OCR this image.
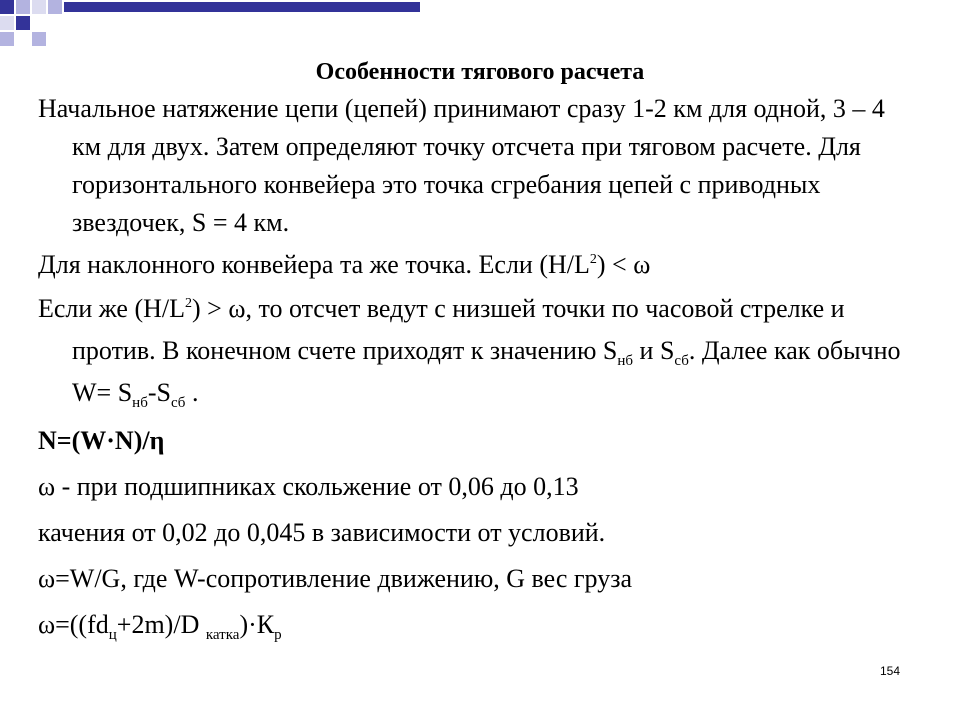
Особенности тягового расчета

Начальное натяжение цепи (цепей) принимают сразу 1-2 км для одной, 3 – 4 км для двух. Затем определяют точку отсчета при тяговом расчете. Для горизонтального конвейера это точка сгребания цепей с приводных звездочек, S = 4 км.

Для наклонного конвейера та же точка. Если $(H/L^2) < \omega$

Если же $(H/L^2) > \omega$, то отсчет ведут с низшей точки по часовой стрелке и против. В конечном счете приходят к значению $S_{нб}$ и $S_{сб}$. Далее как обычно $W= S_{нб}-S_{сб}$ .

N=(W·N)/η

ω - при подшипниках скольжение от 0,06 до 0,13

качения от 0,02 до 0,045 в зависимости от условий.

ω=W/G, где W-сопротивление движению, G вес груза

$\omega=((fd_ц+2m)/D$ $_{катка})\cdot К_р$

154
